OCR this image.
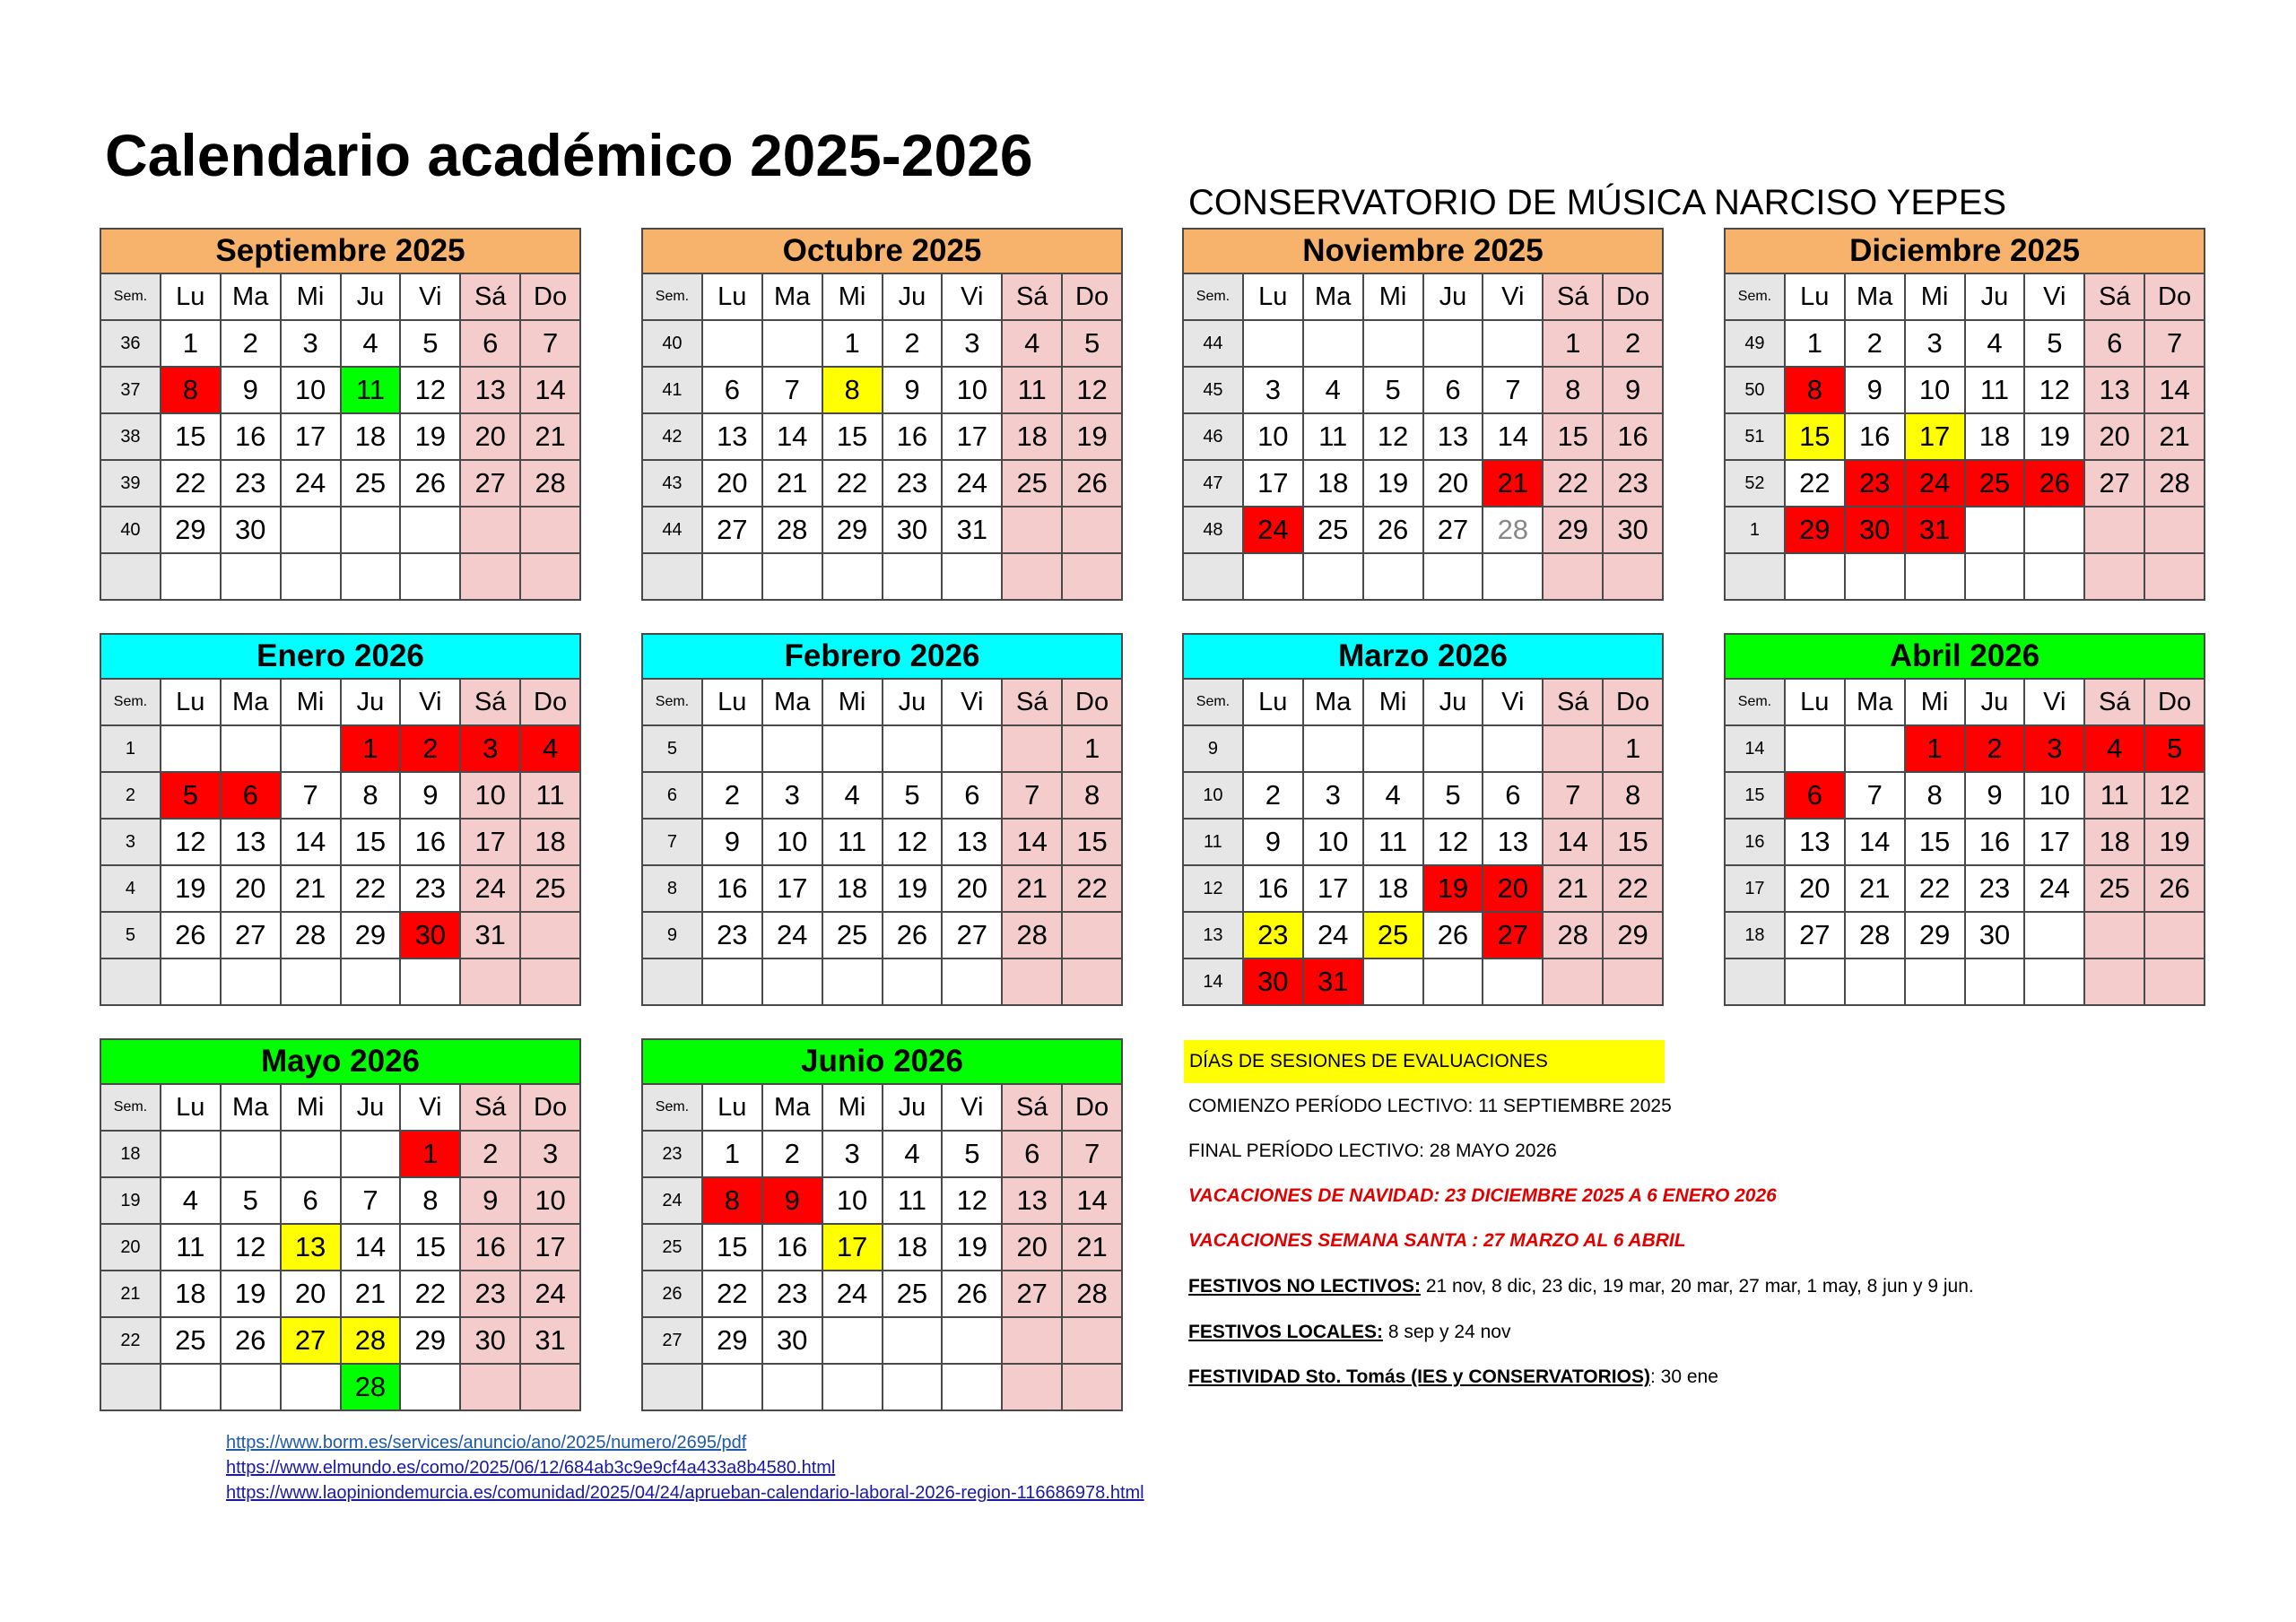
Calendario académico 2025-2026
CONSERVATORIO DE MÚSICA NARCISO YEPES
Septiembre 2025							
Sem.	Lu	Ma	Mi	Ju	Vi	Sá	Do
36	1	2	3	4	5	6	7
37	8	9	10	11	12	13	14
38	15	16	17	18	19	20	21
39	22	23	24	25	26	27	28
40	29	30					

Octubre 2025							
Sem.	Lu	Ma	Mi	Ju	Vi	Sá	Do
40			1	2	3	4	5
41	6	7	8	9	10	11	12
42	13	14	15	16	17	18	19
43	20	21	22	23	24	25	26
44	27	28	29	30	31		

Noviembre 2025							
Sem.	Lu	Ma	Mi	Ju	Vi	Sá	Do
44						1	2
45	3	4	5	6	7	8	9
46	10	11	12	13	14	15	16
47	17	18	19	20	21	22	23
48	24	25	26	27	28	29	30

Diciembre 2025							
Sem.	Lu	Ma	Mi	Ju	Vi	Sá	Do
49	1	2	3	4	5	6	7
50	8	9	10	11	12	13	14
51	15	16	17	18	19	20	21
52	22	23	24	25	26	27	28
1	29	30	31				

Enero 2026							
Sem.	Lu	Ma	Mi	Ju	Vi	Sá	Do
1				1	2	3	4
2	5	6	7	8	9	10	11
3	12	13	14	15	16	17	18
4	19	20	21	22	23	24	25
5	26	27	28	29	30	31	

Febrero 2026							
Sem.	Lu	Ma	Mi	Ju	Vi	Sá	Do
5							1
6	2	3	4	5	6	7	8
7	9	10	11	12	13	14	15
8	16	17	18	19	20	21	22
9	23	24	25	26	27	28	

Marzo 2026							
Sem.	Lu	Ma	Mi	Ju	Vi	Sá	Do
9							1
10	2	3	4	5	6	7	8
11	9	10	11	12	13	14	15
12	16	17	18	19	20	21	22
13	23	24	25	26	27	28	29
14	30	31					
Abril 2026							
Sem.	Lu	Ma	Mi	Ju	Vi	Sá	Do
14			1	2	3	4	5
15	6	7	8	9	10	11	12
16	13	14	15	16	17	18	19
17	20	21	22	23	24	25	26
18	27	28	29	30			

Mayo 2026							
Sem.	Lu	Ma	Mi	Ju	Vi	Sá	Do
18					1	2	3
19	4	5	6	7	8	9	10
20	11	12	13	14	15	16	17
21	18	19	20	21	22	23	24
22	25	26	27	28	29	30	31
				28			
Junio 2026							
Sem.	Lu	Ma	Mi	Ju	Vi	Sá	Do
23	1	2	3	4	5	6	7
24	8	9	10	11	12	13	14
25	15	16	17	18	19	20	21
26	22	23	24	25	26	27	28
27	29	30					

DÍAS DE SESIONES DE EVALUACIONES
COMIENZO PERÍODO LECTIVO: 11 SEPTIEMBRE 2025
FINAL PERÍODO LECTIVO: 28 MAYO 2026
VACACIONES DE NAVIDAD: 23 DICIEMBRE 2025 A 6 ENERO 2026
VACACIONES SEMANA SANTA : 27 MARZO AL 6 ABRIL
FESTIVOS NO LECTIVOS: 21 nov, 8 dic, 23 dic, 19 mar, 20 mar, 27 mar, 1 may, 8 jun y 9 jun.
FESTIVOS LOCALES: 8 sep y 24 nov
FESTIVIDAD Sto. Tomás (IES y CONSERVATORIOS): 30 ene
https://www.borm.es/services/anuncio/ano/2025/numero/2695/pdf
https://www.elmundo.es/como/2025/06/12/684ab3c9e9cf4a433a8b4580.html
https://www.laopiniondemurcia.es/comunidad/2025/04/24/aprueban-calendario-laboral-2026-region-116686978.html
